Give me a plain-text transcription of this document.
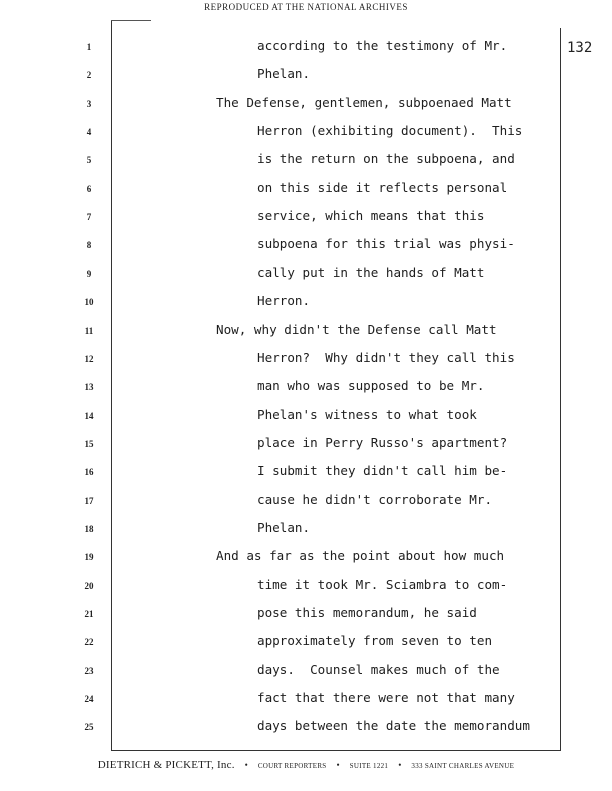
REPRODUCED AT THE NATIONAL ARCHIVES
132
1
2
3
4
5
6
7
8
9
10
11
12
13
14
15
16
17
18
19
20
21
22
23
24
25
according to the testimony of Mr.
Phelan.
The Defense, gentlemen, subpoenaed Matt
Herron (exhibiting document).  This
is the return on the subpoena, and
on this side it reflects personal
service, which means that this
subpoena for this trial was physi-
cally put in the hands of Matt
Herron.
Now, why didn't the Defense call Matt
Herron?  Why didn't they call this
man who was supposed to be Mr.
Phelan's witness to what took
place in Perry Russo's apartment?
I submit they didn't call him be-
cause he didn't corroborate Mr.
Phelan.
And as far as the point about how much
time it took Mr. Sciambra to com-
pose this memorandum, he said
approximately from seven to ten
days.  Counsel makes much of the
fact that there were not that many
days between the date the memorandum
DIETRICH & PICKETT, Inc. • COURT REPORTERS • SUITE 1221 • 333 SAINT CHARLES AVENUE
